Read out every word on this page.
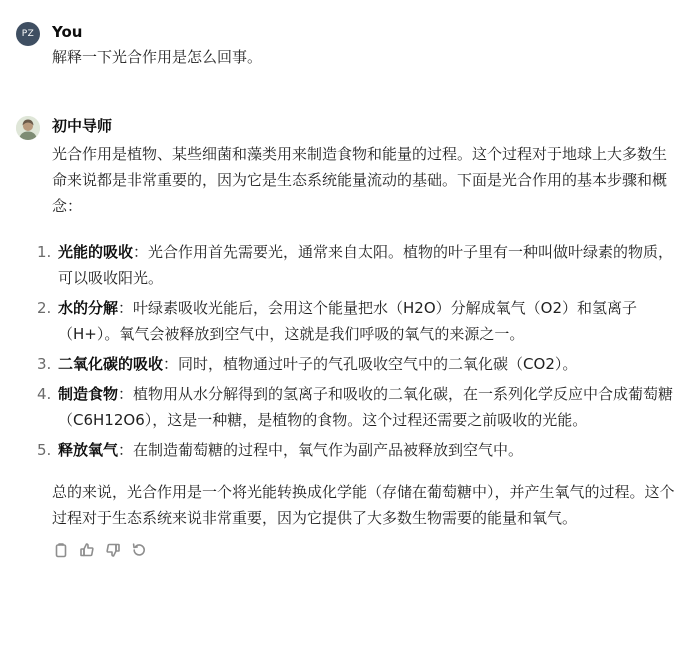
PZ You
解释一下光合作用是怎么回事。
初中导师
光合作用是植物、某些细菌和藻类用来制造食物和能量的过程。这个过程对于地球上大多数生命来说都是非常重要的，因为它是生态系统能量流动的基础。下面是光合作用的基本步骤和概念：
1. 光能的吸收：光合作用首先需要光，通常来自太阳。植物的叶子里有一种叫做叶绿素的物质，可以吸收阳光。
2. 水的分解：叶绿素吸收光能后，会用这个能量把水（H2O）分解成氧气（O2）和氢离子（H+）。氧气会被释放到空气中，这就是我们呼吸的氧气的来源之一。
3. 二氧化碳的吸收：同时，植物通过叶子的气孔吸收空气中的二氧化碳（CO2）。
4. 制造食物：植物用从水分解得到的氢离子和吸收的二氧化碳，在一系列化学反应中合成葡萄糖（C6H12O6），这是一种糖，是植物的食物。这个过程还需要之前吸收的光能。
5. 释放氧气：在制造葡萄糖的过程中，氧气作为副产品被释放到空气中。
总的来说，光合作用是一个将光能转换成化学能（存储在葡萄糖中），并产生氧气的过程。这个过程对于生态系统来说非常重要，因为它提供了大多数生物需要的能量和氧气。
